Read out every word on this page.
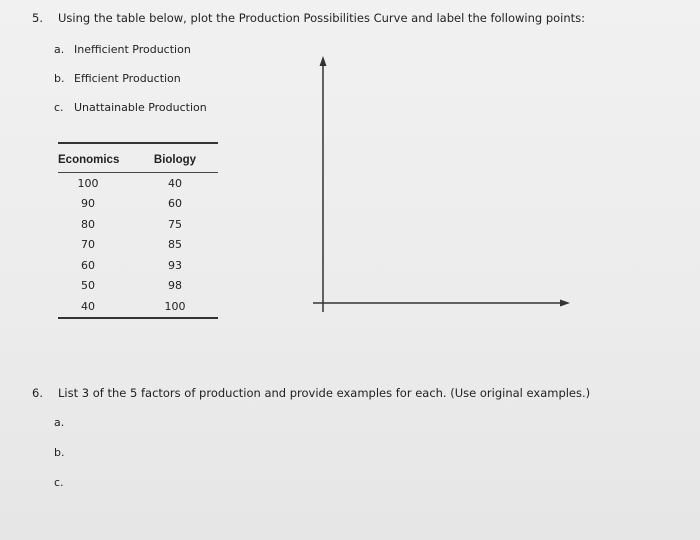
5. Using the table below, plot the Production Possibilities Curve and label the following points:
a. Inefficient Production
b. Efficient Production
c. Unattainable Production
Economics	Biology
100	40
90	60
80	75
70	85
60	93
50	98
40	100
6. List 3 of the 5 factors of production and provide examples for each. (Use original examples.)
a.
b.
c.
